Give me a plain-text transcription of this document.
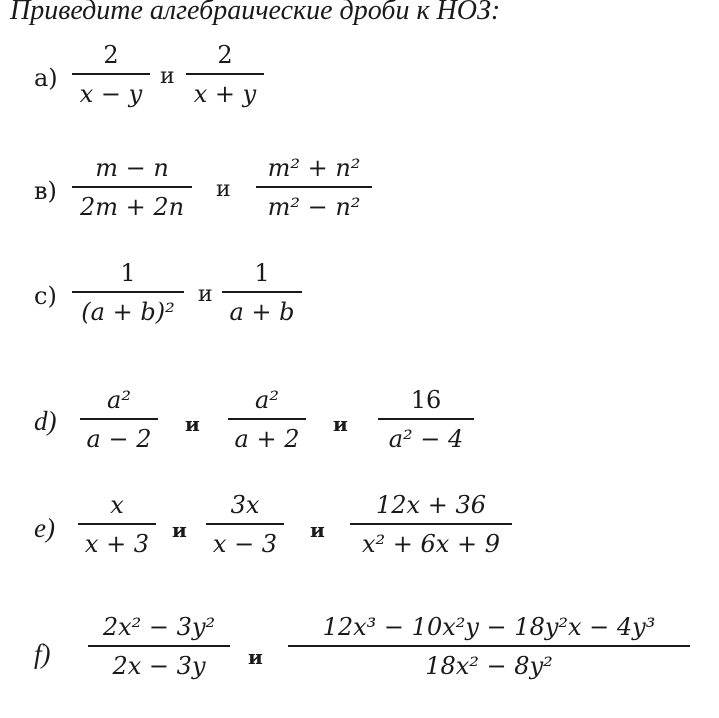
Приведите алгебраические дроби к НОЗ:
a)
2
x − y
и
2
x + y
в)
m − n
2m + 2n
и
m² + n²
m² − n²
c)
1
(a + b)²
и
1
a + b
d)
a²
a − 2
и
a²
a + 2
и
16
a² − 4
e)
x
x + 3	и
3x
x − 3	и
12x + 36
x² + 6x + 9
f)
2x² − 3y²
2x − 3y	и
12x³ − 10x²y − 18y²x − 4y³
18x² − 8y²
